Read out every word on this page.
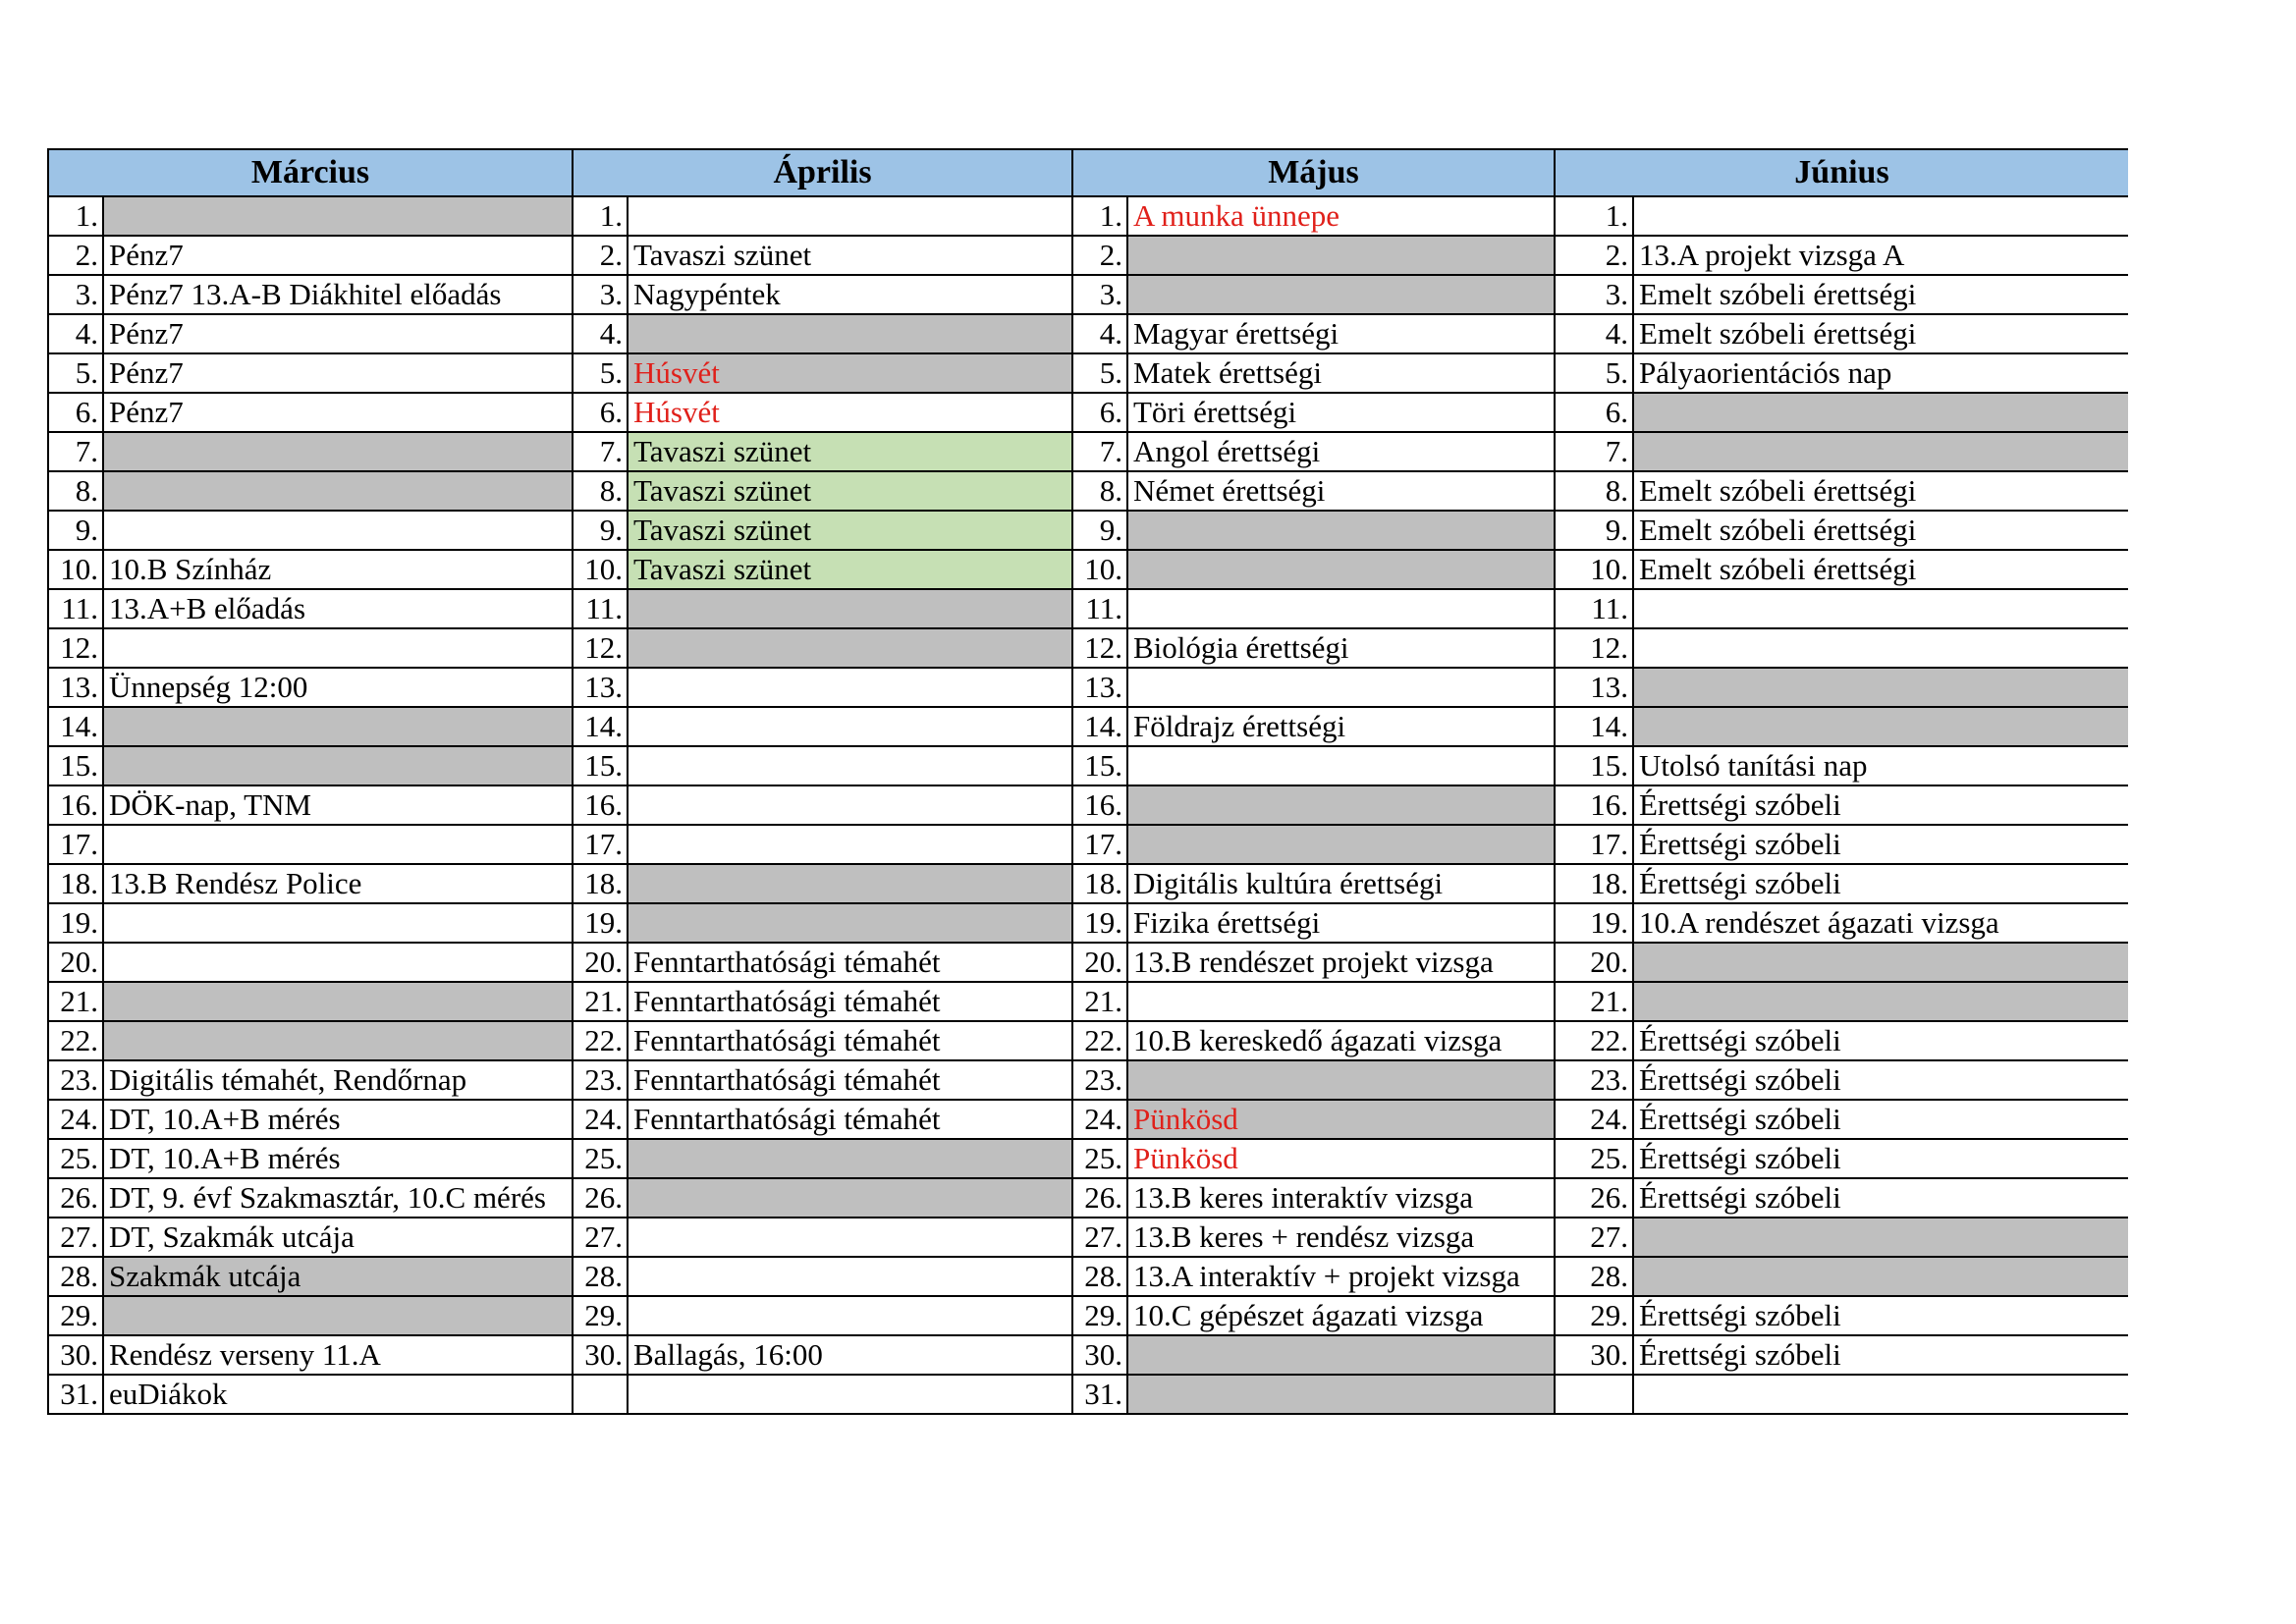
Március		Április		Május		Június	
1.		1.		1.	A munka ünnepe	1.	
2.	Pénz7	2.	Tavaszi szünet	2.		2.	13.A projekt vizsga A
3.	Pénz7 13.A-B Diákhitel előadás	3.	Nagypéntek	3.		3.	Emelt szóbeli érettségi
4.	Pénz7	4.		4.	Magyar érettségi	4.	Emelt szóbeli érettségi
5.	Pénz7	5.	Húsvét	5.	Matek érettségi	5.	Pályaorientációs nap
6.	Pénz7	6.	Húsvét	6.	Töri érettségi	6.	
7.		7.	Tavaszi szünet	7.	Angol érettségi	7.	
8.		8.	Tavaszi szünet	8.	Német érettségi	8.	Emelt szóbeli érettségi
9.		9.	Tavaszi szünet	9.		9.	Emelt szóbeli érettségi
10.	10.B Színház	10.	Tavaszi szünet	10.		10.	Emelt szóbeli érettségi
11.	13.A+B előadás	11.		11.		11.	
12.		12.		12.	Biológia érettségi	12.	
13.	Ünnepség 12:00	13.		13.		13.	
14.		14.		14.	Földrajz érettségi	14.	
15.		15.		15.		15.	Utolsó tanítási nap
16.	DÖK-nap, TNM	16.		16.		16.	Érettségi szóbeli
17.		17.		17.		17.	Érettségi szóbeli
18.	13.B Rendész Police	18.		18.	Digitális kultúra érettségi	18.	Érettségi szóbeli
19.		19.		19.	Fizika érettségi	19.	10.A rendészet ágazati vizsga
20.		20.	Fenntarthatósági témahét	20.	13.B rendészet projekt vizsga	20.	
21.		21.	Fenntarthatósági témahét	21.		21.	
22.		22.	Fenntarthatósági témahét	22.	10.B kereskedő ágazati vizsga	22.	Érettségi szóbeli
23.	Digitális témahét, Rendőrnap	23.	Fenntarthatósági témahét	23.		23.	Érettségi szóbeli
24.	DT, 10.A+B mérés	24.	Fenntarthatósági témahét	24.	Pünkösd	24.	Érettségi szóbeli
25.	DT, 10.A+B mérés	25.		25.	Pünkösd	25.	Érettségi szóbeli
26.	DT, 9. évf Szakmasztár, 10.C mérés	26.		26.	13.B keres interaktív vizsga	26.	Érettségi szóbeli
27.	DT, Szakmák utcája	27.		27.	13.B keres + rendész vizsga	27.	
28.	Szakmák utcája	28.		28.	13.A interaktív + projekt vizsga	28.	
29.		29.		29.	10.C gépészet ágazati vizsga	29.	Érettségi szóbeli
30.	Rendész verseny 11.A	30.	Ballagás, 16:00	30.		30.	Érettségi szóbeli
31.	euDiákok			31.			
